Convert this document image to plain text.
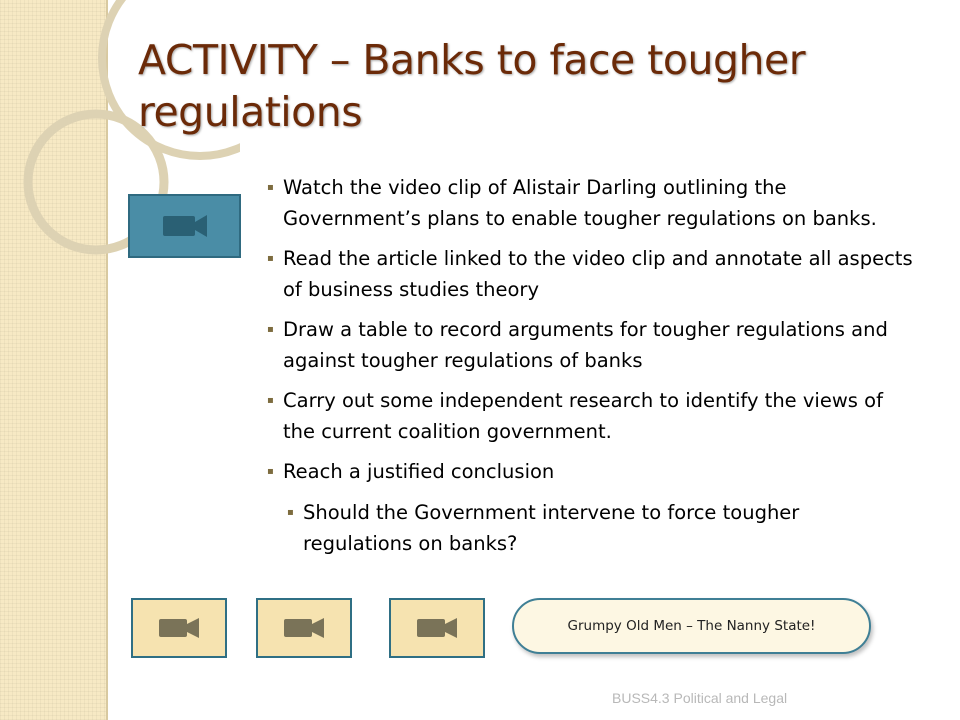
ACTIVITY – Banks to face tougher regulations
▪ Watch the video clip of Alistair Darling outlining the Government’s plans to enable tougher regulations on banks.
▪ Read the article linked to the video clip and annotate all aspects of business studies theory
▪ Draw a table to record arguments for tougher regulations and against tougher regulations of banks
▪ Carry out some independent research to identify the views of the current coalition government.
▪ Reach a justified conclusion
▪ Should the Government intervene to force tougher regulations on banks?
Grumpy Old Men – The Nanny State!
BUSS4.3 Political and Legal
